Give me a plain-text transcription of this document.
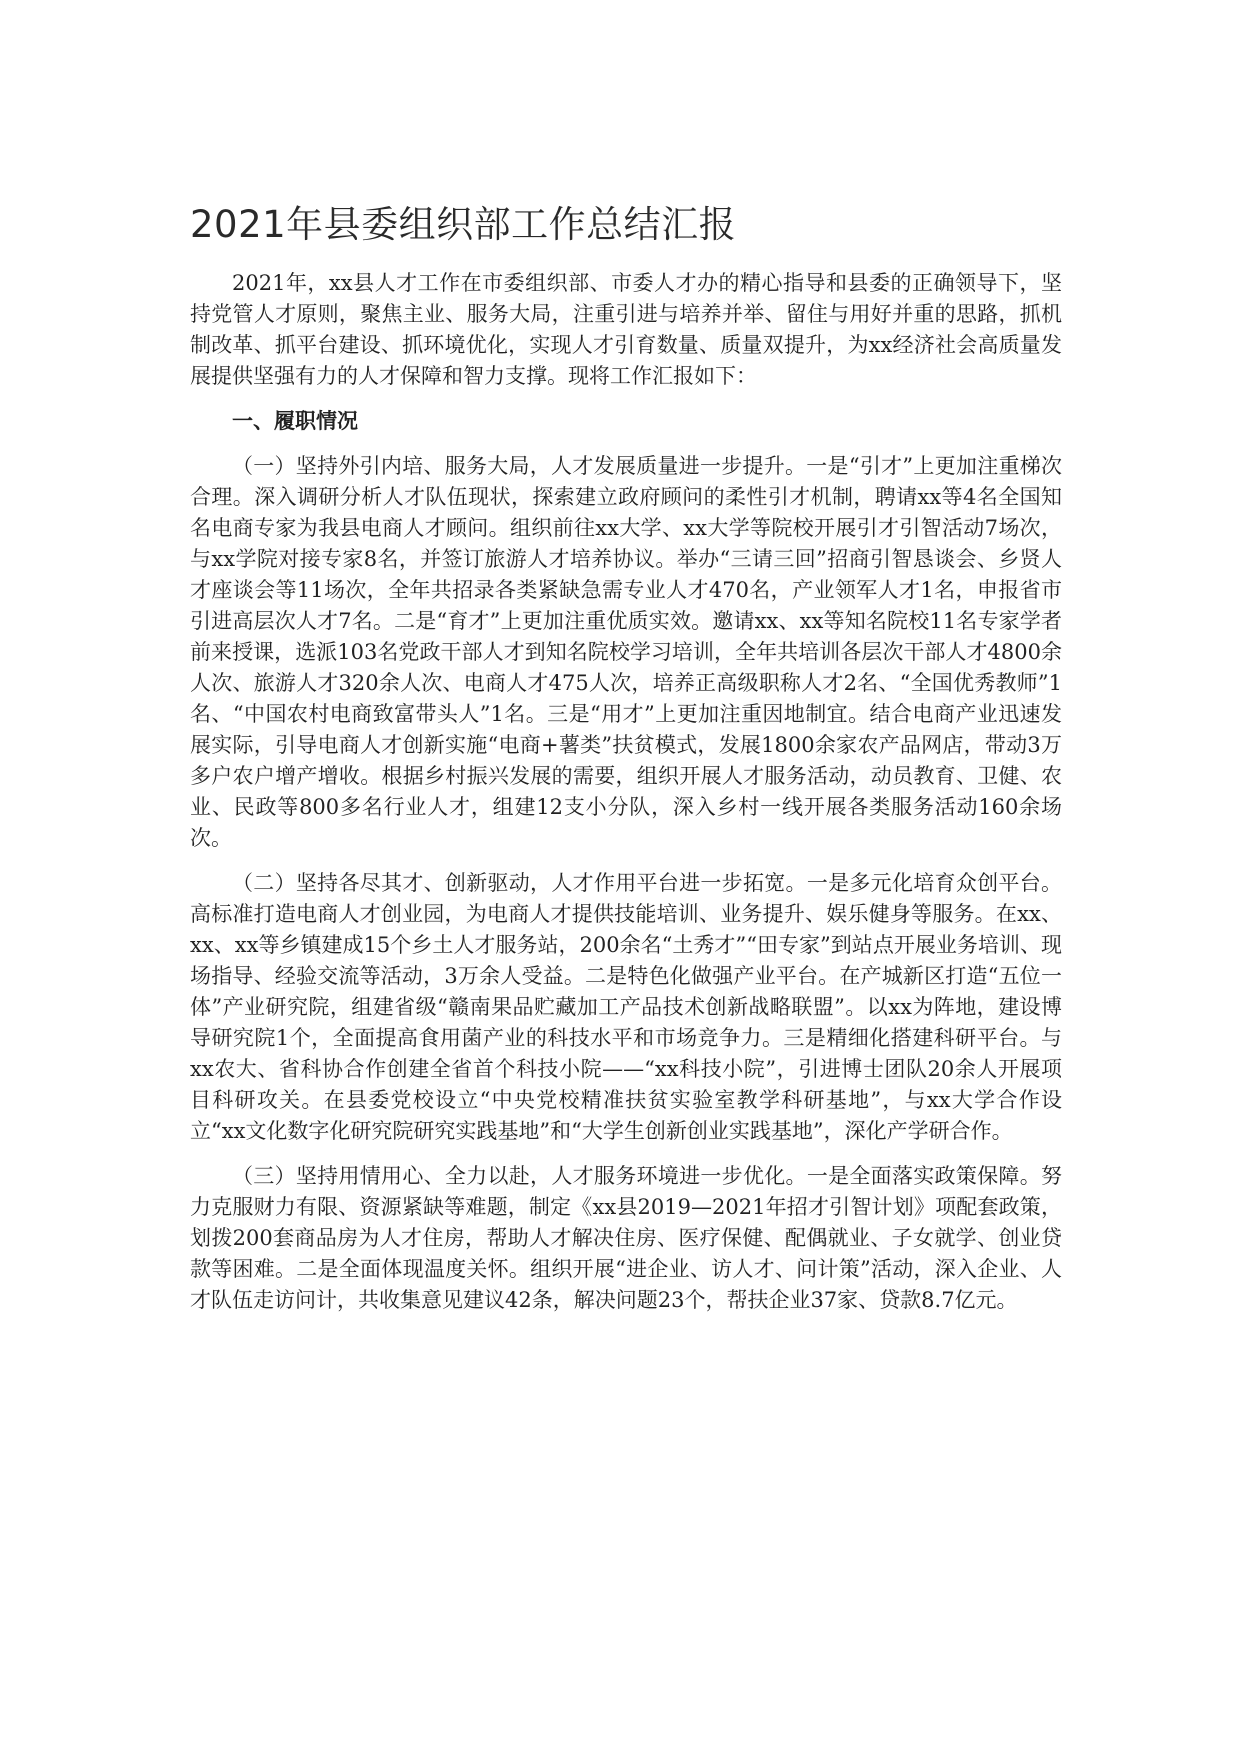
2021年县委组织部工作总结汇报

2021年，xx县人才工作在市委组织部、市委人才办的精心指导和县委的正确领导下，坚持党管人才原则，聚焦主业、服务大局，注重引进与培养并举、留住与用好并重的思路，抓机制改革、抓平台建设、抓环境优化，实现人才引育数量、质量双提升，为xx经济社会高质量发展提供坚强有力的人才保障和智力支撑。现将工作汇报如下：

一、履职情况

（一）坚持外引内培、服务大局，人才发展质量进一步提升。一是“引才”上更加注重梯次合理。深入调研分析人才队伍现状，探索建立政府顾问的柔性引才机制，聘请xx等4名全国知名电商专家为我县电商人才顾问。组织前往xx大学、xx大学等院校开展引才引智活动7场次，与xx学院对接专家8名，并签订旅游人才培养协议。举办“三请三回”招商引智恳谈会、乡贤人才座谈会等11场次，全年共招录各类紧缺急需专业人才470名，产业领军人才1名，申报省市引进高层次人才7名。二是“育才”上更加注重优质实效。邀请xx、xx等知名院校11名专家学者前来授课，选派103名党政干部人才到知名院校学习培训，全年共培训各层次干部人才4800余人次、旅游人才320余人次、电商人才475人次，培养正高级职称人才2名、“全国优秀教师”1名、“中国农村电商致富带头人”1名。三是“用才”上更加注重因地制宜。结合电商产业迅速发展实际，引导电商人才创新实施“电商+薯类”扶贫模式，发展1800余家农产品网店，带动3万多户农户增产增收。根据乡村振兴发展的需要，组织开展人才服务活动，动员教育、卫健、农业、民政等800多名行业人才，组建12支小分队，深入乡村一线开展各类服务活动160余场次。

（二）坚持各尽其才、创新驱动，人才作用平台进一步拓宽。一是多元化培育众创平台。高标准打造电商人才创业园，为电商人才提供技能培训、业务提升、娱乐健身等服务。在xx、xx、xx等乡镇建成15个乡土人才服务站，200余名“土秀才”“田专家”到站点开展业务培训、现场指导、经验交流等活动，3万余人受益。二是特色化做强产业平台。在产城新区打造“五位一体”产业研究院，组建省级“赣南果品贮藏加工产品技术创新战略联盟”。以xx为阵地，建设博导研究院1个，全面提高食用菌产业的科技水平和市场竞争力。三是精细化搭建科研平台。与xx农大、省科协合作创建全省首个科技小院——“xx科技小院”，引进博士团队20余人开展项目科研攻关。在县委党校设立“中央党校精准扶贫实验室教学科研基地”，与xx大学合作设立“xx文化数字化研究院研究实践基地”和“大学生创新创业实践基地”，深化产学研合作。

（三）坚持用情用心、全力以赴，人才服务环境进一步优化。一是全面落实政策保障。努力克服财力有限、资源紧缺等难题，制定《xx县2019—2021年招才引智计划》项配套政策，划拨200套商品房为人才住房，帮助人才解决住房、医疗保健、配偶就业、子女就学、创业贷款等困难。二是全面体现温度关怀。组织开展“进企业、访人才、问计策”活动，深入企业、人才队伍走访问计，共收集意见建议42条，解决问题23个，帮扶企业37家、贷款8.7亿元。
